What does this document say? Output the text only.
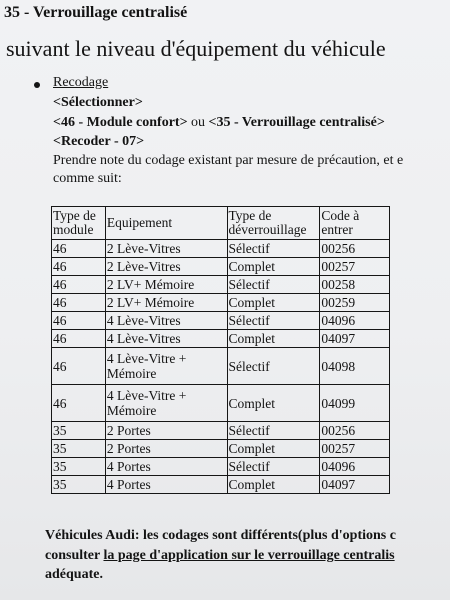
35 - Verrouillage centralisé
suivant le niveau d'équipement du véhicule
Recodage
<Sélectionner>
<46 - Module confort> ou <35 - Verrouillage centralisé>
<Recoder - 07>
Prendre note du codage existant par mesure de précaution, et e
comme suit:
Type de module	Equipement	Type de déverrouillage	Code à entrer
46	2 Lève-Vitres	Sélectif	00256
46	2 Lève-Vitres	Complet	00257
46	2 LV+ Mémoire	Sélectif	00258
46	2 LV+ Mémoire	Complet	00259
46	4 Lève-Vitres	Sélectif	04096
46	4 Lève-Vitres	Complet	04097
46	4 Lève-Vitre + Mémoire	Sélectif	04098
46	4 Lève-Vitre + Mémoire	Complet	04099
35	2 Portes	Sélectif	00256
35	2 Portes	Complet	00257
35	4 Portes	Sélectif	04096
35	4 Portes	Complet	04097
Véhicules Audi: les codages sont différents(plus d'options c
consulter la page d'application sur le verrouillage centralis
adéquate.
